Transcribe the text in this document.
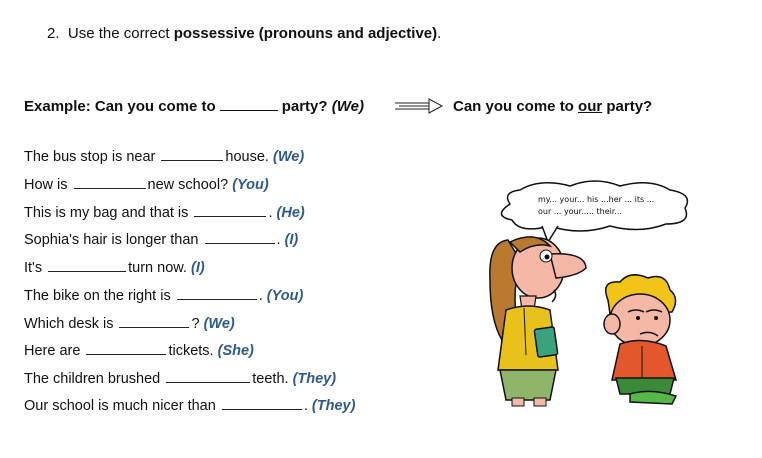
2. Use the correct possessive (pronouns and adjective).
Example: Can you come to	party? (We)	Can you come to our party?
The bus stop is near	house. (We)
How is	new school? (You)
This is my bag and that is	. (He)
Sophia's hair is longer than	. (I)
It's	turn now. (I)
The bike on the right is	. (You)
Which desk is	? (We)
Here are	tickets. (She)
The children brushed	teeth. (They)
Our school is much nicer than	. (They)
my... your... his ...her ... its ...
our ... your..... their...
